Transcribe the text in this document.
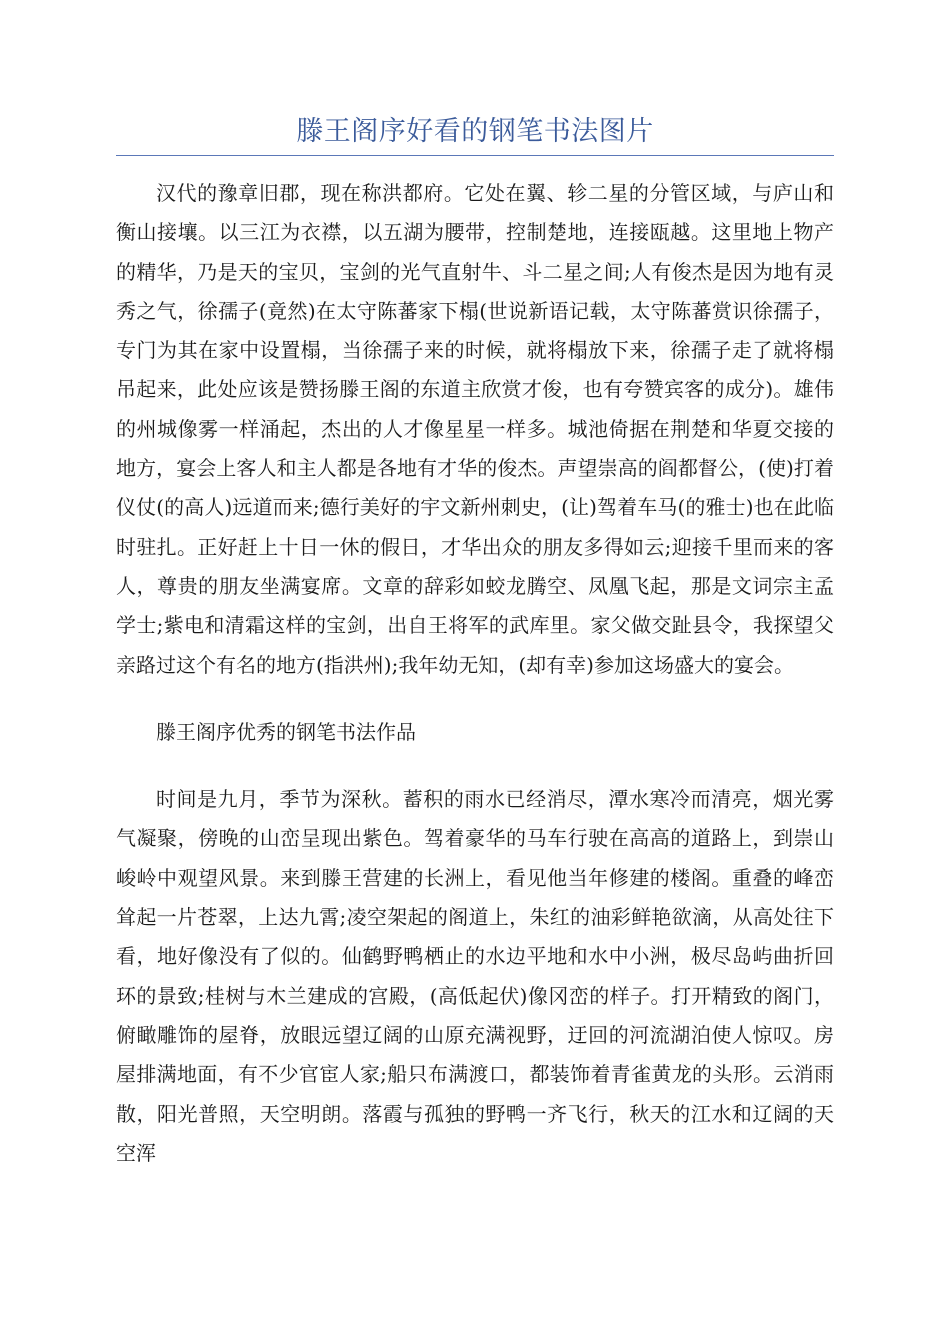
滕王阁序好看的钢笔书法图片

汉代的豫章旧郡，现在称洪都府。它处在翼、轸二星的分管区域，与庐山和衡山接壤。以三江为衣襟，以五湖为腰带，控制楚地，连接瓯越。这里地上物产的精华，乃是天的宝贝，宝剑的光气直射牛、斗二星之间;人有俊杰是因为地有灵秀之气，徐孺子(竟然)在太守陈蕃家下榻(世说新语记载，太守陈蕃赏识徐孺子，专门为其在家中设置榻，当徐孺子来的时候，就将榻放下来，徐孺子走了就将榻吊起来，此处应该是赞扬滕王阁的东道主欣赏才俊，也有夸赞宾客的成分)。雄伟的州城像雾一样涌起，杰出的人才像星星一样多。城池倚据在荆楚和华夏交接的地方，宴会上客人和主人都是各地有才华的俊杰。声望崇高的阎都督公，(使)打着仪仗(的高人)远道而来;德行美好的宇文新州刺史，(让)驾着车马(的雅士)也在此临时驻扎。正好赶上十日一休的假日，才华出众的朋友多得如云;迎接千里而来的客人，尊贵的朋友坐满宴席。文章的辞彩如蛟龙腾空、凤凰飞起，那是文词宗主孟学士;紫电和清霜这样的宝剑，出自王将军的武库里。家父做交趾县令，我探望父亲路过这个有名的地方(指洪州);我年幼无知，(却有幸)参加这场盛大的宴会。

滕王阁序优秀的钢笔书法作品

时间是九月，季节为深秋。蓄积的雨水已经消尽，潭水寒冷而清亮，烟光雾气凝聚，傍晚的山峦呈现出紫色。驾着豪华的马车行驶在高高的道路上，到崇山峻岭中观望风景。来到滕王营建的长洲上，看见他当年修建的楼阁。重叠的峰峦耸起一片苍翠，上达九霄;凌空架起的阁道上，朱红的油彩鲜艳欲滴，从高处往下看，地好像没有了似的。仙鹤野鸭栖止的水边平地和水中小洲，极尽岛屿曲折回环的景致;桂树与木兰建成的宫殿，(高低起伏)像冈峦的样子。打开精致的阁门，俯瞰雕饰的屋脊，放眼远望辽阔的山原充满视野，迂回的河流湖泊使人惊叹。房屋排满地面，有不少官宦人家;船只布满渡口，都装饰着青雀黄龙的头形。云消雨散，阳光普照，天空明朗。落霞与孤独的野鸭一齐飞行，秋天的江水和辽阔的天空浑
